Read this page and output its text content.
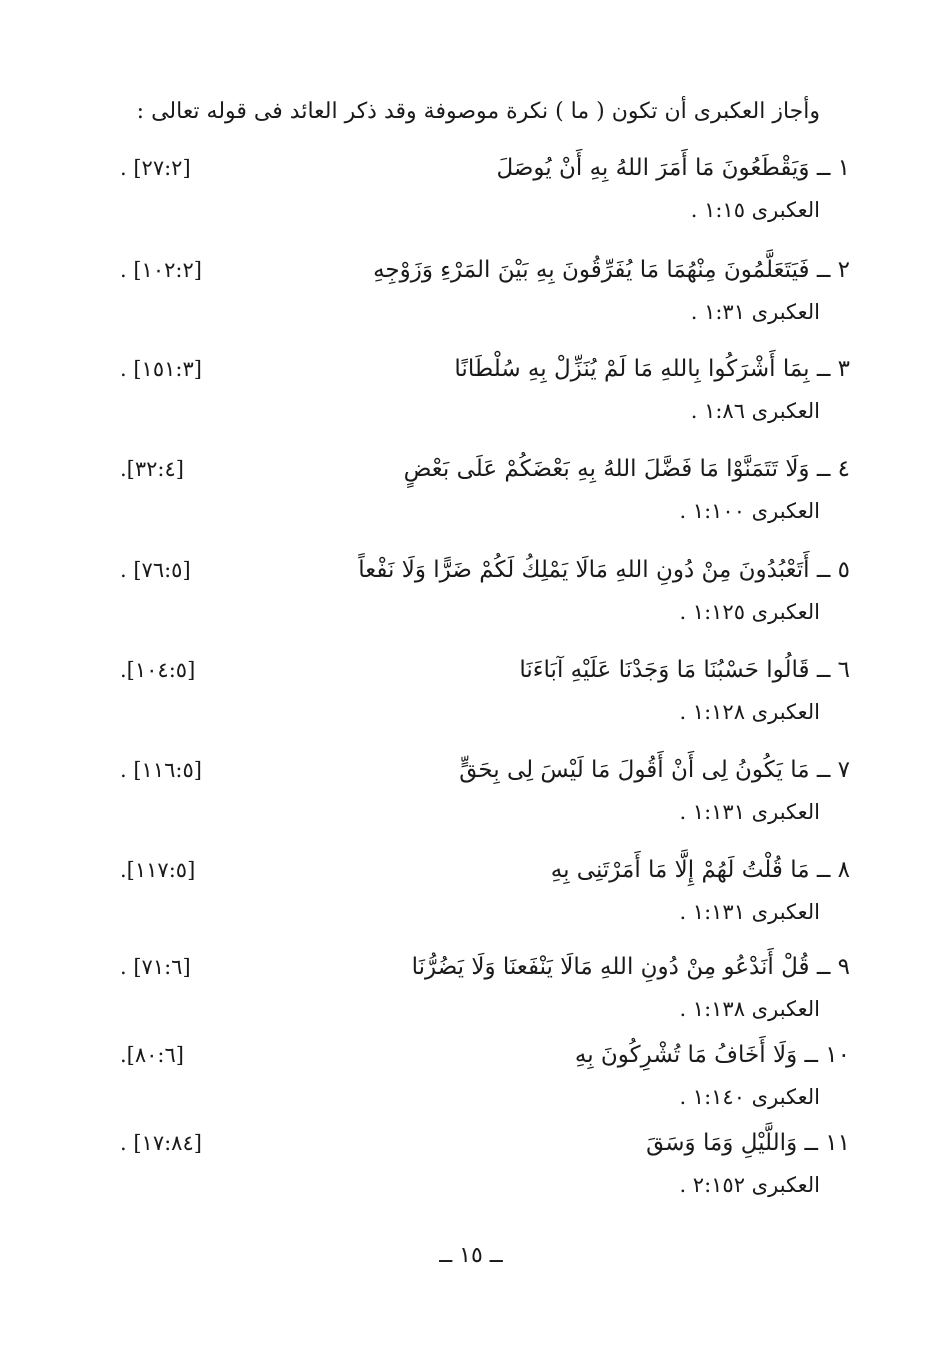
وأجاز العكبرى أن تكون ( ما ) نكرة موصوفة وقد ذكر العائد فى قوله تعالى :
١ ــ وَيَقْطَعُونَ مَا أَمَرَ اللهُ بِهِ أَنْ يُوصَلَ
. [٢٧:٢]
العكبرى ١:١٥ .
٢ ــ فَيَتَعَلَّمُونَ مِنْهُمَا مَا يُفَرِّقُونَ بِهِ بَيْنَ المَرْءِ وَزَوْجِهِ
. [١٠٢:٢]
العكبرى ١:٣١ .
٣ ــ بِمَا أَشْرَكُوا بِاللهِ مَا لَمْ يُنَزِّلْ بِهِ سُلْطَانًا
. [١٥١:٣]
العكبرى ١:٨٦ .
٤ ــ وَلَا تَتَمَنَّوْا مَا فَضَّلَ اللهُ بِهِ بَعْضَكُمْ عَلَى بَعْضٍ
.[٣٢:٤]
العكبرى ١:١٠٠ .
٥ ــ أَتَعْبُدُونَ مِنْ دُونِ اللهِ مَالَا يَمْلِكُ لَكُمْ ضَرًّا وَلَا نَفْعاً
. [٧٦:٥]
العكبرى ١:١٢٥ .
٦ ــ قَالُوا حَسْبُنَا مَا وَجَدْنَا عَلَيْهِ آبَاءَنَا
.[١٠٤:٥]
العكبرى ١:١٢٨ .
٧ ــ مَا يَكُونُ لِى أَنْ أَقُولَ مَا لَيْسَ لِى بِحَقٍّ
. [١١٦:٥]
العكبرى ١:١٣١ .
٨ ــ مَا قُلْتُ لَهُمْ إِلَّا مَا أَمَرْتَنِى بِهِ
.[١١٧:٥]
العكبرى ١:١٣١ .
٩ ــ قُلْ أَنَدْعُو مِنْ دُونِ اللهِ مَالَا يَنْفَعنَا وَلَا يَضُرُّنَا
. [٧١:٦]
العكبرى ١:١٣٨ .
١٠ ــ وَلَا أَخَافُ مَا تُشْرِكُونَ بِهِ
.[٨٠:٦]
العكبرى ١:١٤٠ .
١١ ــ وَاللَّيْلِ وَمَا وَسَقَ
. [١٧:٨٤]
العكبرى ٢:١٥٢ .
ــ ١٥ ــ
